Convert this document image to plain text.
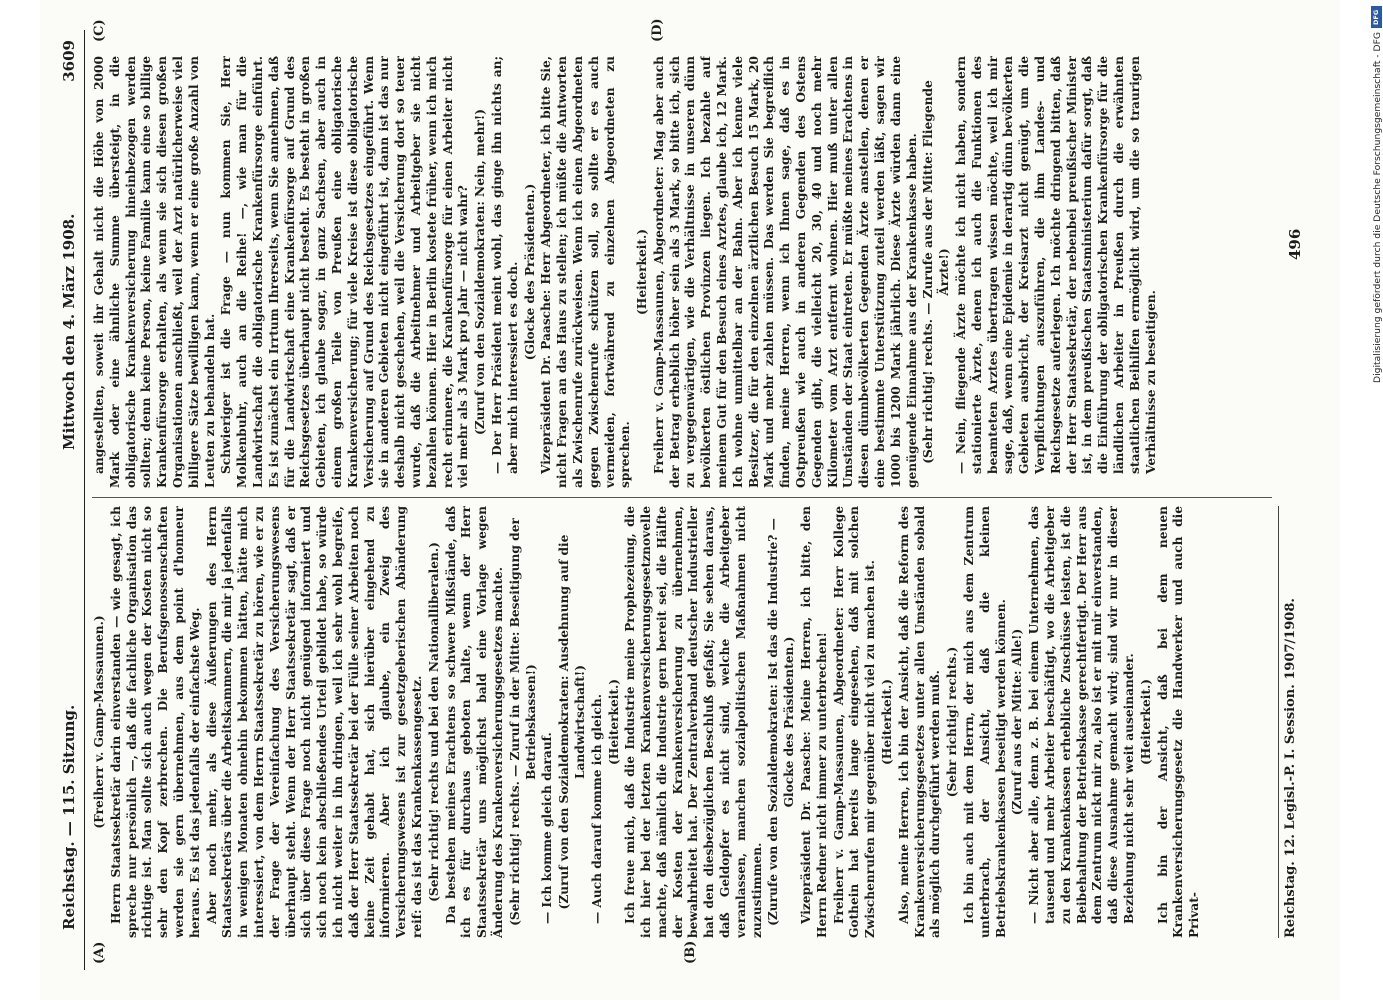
Reichstag. — 115. Sitzung.
Mittwoch den 4. März 1908.
3609
(A)	(B)
(C)	(D)

(Freiherr v. Gamp-Massaunen.) Herrn Staatssekretär darin einverstanden — wie gesagt, ich spreche nur persönlich —, daß die fachliche Organisation das richtige ist. Man sollte sich auch wegen der Kosten nicht so sehr den Kopf zerbrechen. Die Berufsgenossenschaften werden sie gern übernehmen, aus dem point d'honneur heraus. Es ist das jedenfalls der einfachste Weg. Aber noch mehr, als diese Äußerungen des Herrn Staatssekretärs über die Arbeitskammern, die mir ja jedenfalls in wenigen Monaten ohnehin bekommen hätten, hätte mich interessiert, von dem Herrn Staatssekretär zu hören, wie er zu der Frage der Vereinfachung des Versicherungswesens überhaupt steht. Wenn der Herr Staatssekretär sagt, daß er sich über diese Frage noch nicht genügend informiert und sich noch kein abschließendes Urteil gebildet habe, so würde ich nicht weiter in ihn dringen, weil ich sehr wohl begreife, daß der Herr Staatssekretär bei der Fülle seiner Arbeiten noch keine Zeit gehabt hat, sich hierüber eingehend zu informieren. Aber ich glaube, ein Zweig des Versicherungswesens ist zur gesetzgeberischen Abänderung reif: das ist das Krankenkassengesetz. (Sehr richtig! rechts und bei den Nationalliberalen.) Da bestehen meines Erachtens so schwere Mißstände, daß ich es für durchaus geboten halte, wenn der Herr Staatssekretär uns möglichst bald eine Vorlage wegen Änderung des Krankenversicherungsgesetzes machte. (Sehr richtig! rechts. — Zuruf in der Mitte: Beseitigung der Betriebskassen!)

— Ich komme gleich darauf. (Zuruf von den Sozialdemokraten: Ausdehnung auf die Landwirtschaft!) — Auch darauf komme ich gleich. (Heiterkeit.) Ich freue mich, daß die Industrie meine Prophezeiung, die ich hier bei der letzten Krankenversicherungsgesetznovelle machte, daß nämlich die Industrie gern bereit sei, die Hälfte der Kosten der Krankenversicherung zu übernehmen, bewahrheitet hat. Der Zentralverband deutscher Industrieller hat den diesbezüglichen Beschluß gefaßt; Sie sehen daraus, daß Geldopfer es nicht sind, welche die Arbeitgeber veranlassen, manchen sozialpolitischen Maßnahmen nicht zuzustimmen. (Zurufe von den Sozialdemokraten: Ist das die Industrie? — Glocke des Präsidenten.) Vizepräsident Dr. Paasche: Meine Herren, ich bitte, den Herrn Redner nicht immer zu unterbrechen! Freiherr v. Gamp-Massaunen, Abgeordneter: Herr Kollege Gothein hat bereits lange eingesehen, daß mit solchen Zwischenrufen mir gegenüber nicht viel zu machen ist. (Heiterkeit.) Also, meine Herren, ich bin der Ansicht, daß die Reform des Krankenversicherungsgesetzes unter allen Umständen sobald als möglich durchgeführt werden muß. (Sehr richtig! rechts.) Ich bin auch mit dem Herrn, der mich aus dem Zentrum unterbrach, der Ansicht, daß die kleinen Betriebskrankenkassen beseitigt werden können. (Zuruf aus der Mitte: Alle!) — Nicht aber alle, denn z. B. bei einem Unternehmen, das tausend und mehr Arbeiter beschäftigt, wo die Arbeitgeber zu den Krankenkassen erhebliche Zuschüsse leisten, ist die Beibehaltung der Betriebskasse gerechtfertigt. Der Herr aus dem Zentrum nickt mir zu, also ist er mit mir einverstanden, daß diese Ausnahme gemacht wird; sind wir nur in dieser Beziehung nicht sehr weit auseinander. (Heiterkeit.) Ich bin der Ansicht, daß bei dem neuen Krankenversicherungsgesetz die Handwerker und auch die Privat-

angestellten, soweit ihr Gehalt nicht die Höhe von 2000 Mark oder eine ähnliche Summe übersteigt, in die obligatorische Krankenversicherung hineinbezogen werden sollten; denn keine Person, keine Familie kann eine so billige Krankenfürsorge erhalten, als wenn sie sich diesen großen Organisationen anschließt, weil der Arzt natürlicherweise viel billigere Sätze bewilligen kann, wenn er eine große Anzahl von Leuten zu behandeln hat. Schwieriger ist die Frage — nun kommen Sie, Herr Molkenbuhr, auch an die Reihe! —, wie man für die Landwirtschaft die obligatorische Krankenfürsorge einführt. Es ist zunächst ein Irrtum Ihrerseits, wenn Sie annehmen, daß für die Landwirtschaft eine Krankenfürsorge auf Grund des Reichsgesetzes überhaupt nicht besteht. Es besteht in großen Gebieten, ich glaube sogar, in ganz Sachsen, aber auch in einem großen Teile von Preußen eine obligatorische Krankenversicherung; für viele Kreise ist diese obligatorische Versicherung auf Grund des Reichsgesetzes eingeführt. Wenn sie in anderen Gebieten nicht eingeführt ist, dann ist das nur deshalb nicht geschehen, weil die Versicherung dort so teuer wurde, daß die Arbeitnehmer und Arbeitgeber sie nicht bezahlen können. Hier in Berlin kostete früher, wenn ich mich recht erinnere, die Krankenfürsorge für einen Arbeiter nicht viel mehr als 3 Mark pro Jahr — nicht wahr? (Zuruf von den Sozialdemokraten: Nein, mehr!) — Der Herr Präsident meint wohl, das ginge ihn nichts an; aber mich interessiert es doch. (Glocke des Präsidenten.) Vizepräsident Dr. Paasche: Herr Abgeordneter, ich bitte Sie, nicht Fragen an das Haus zu stellen; ich müßte die Antworten als Zwischenrufe zurückweisen. Wenn ich einen Abgeordneten gegen Zwischenrufe schützen soll, so sollte er es auch vermeiden, fortwährend zu einzelnen Abgeordneten zu sprechen.

(Heiterkeit.) Freiherr v. Gamp-Massaunen, Abgeordneter: Mag aber auch der Betrag erheblich höher sein als 3 Mark, so bitte ich, sich zu vergegenwärtigen, wie die Verhältnisse in unseren dünn bevölkerten östlichen Provinzen liegen. Ich bezahle auf meinem Gut für den Besuch eines Arztes, glaube ich, 12 Mark. Ich wohne unmittelbar an der Bahn. Aber ich kenne viele Besitzer, die für den einzelnen ärztlichen Besuch 15 Mark, 20 Mark und mehr zahlen müssen. Das werden Sie begreiflich finden, meine Herren, wenn ich Ihnen sage, daß es in Ostpreußen wie auch in anderen Gegenden des Ostens Gegenden gibt, die vielleicht 20, 30, 40 und noch mehr Kilometer vom Arzt entfernt wohnen. Hier muß unter allen Umständen der Staat eintreten. Er müßte meines Erachtens in diesen dünnbevölkerten Gegenden Ärzte anstellen, denen er eine bestimmte Unterstützung zuteil werden läßt, sagen wir 1000 bis 1200 Mark jährlich. Diese Ärzte würden dann eine genügende Einnahme aus der Krankenkasse haben. (Sehr richtig! rechts. — Zurufe aus der Mitte: Fliegende Ärzte!) — Nein, fliegende Ärzte möchte ich nicht haben, sondern stationierte Ärzte, denen ich auch die Funktionen des beamteten Arztes übertragen wissen möchte, weil ich mir sage, daß, wenn eine Epidemie in derartig dünn bevölkerten Gebieten ausbricht, der Kreisarzt nicht genügt, um die Verpflichtungen auszuführen, die ihm Landes- und Reichsgesetze auferlegen. Ich möchte dringend bitten, daß der Herr Staatssekretär, der nebenbei preußischer Minister ist, in dem preußischen Staatsministerium dafür sorgt, daß die Einführung der obligatorischen Krankenfürsorge für die ländlichen Arbeiter in Preußen durch die erwähnten staatlichen Beihilfen ermöglicht wird, um die so traurigen Verhältnisse zu beseitigen.

Reichstag. 12. Legisl.-P. I. Session. 1907/1908.
496
DFG
Digitalisierung gefördert durch die Deutsche Forschungsgemeinschaft - DFG
